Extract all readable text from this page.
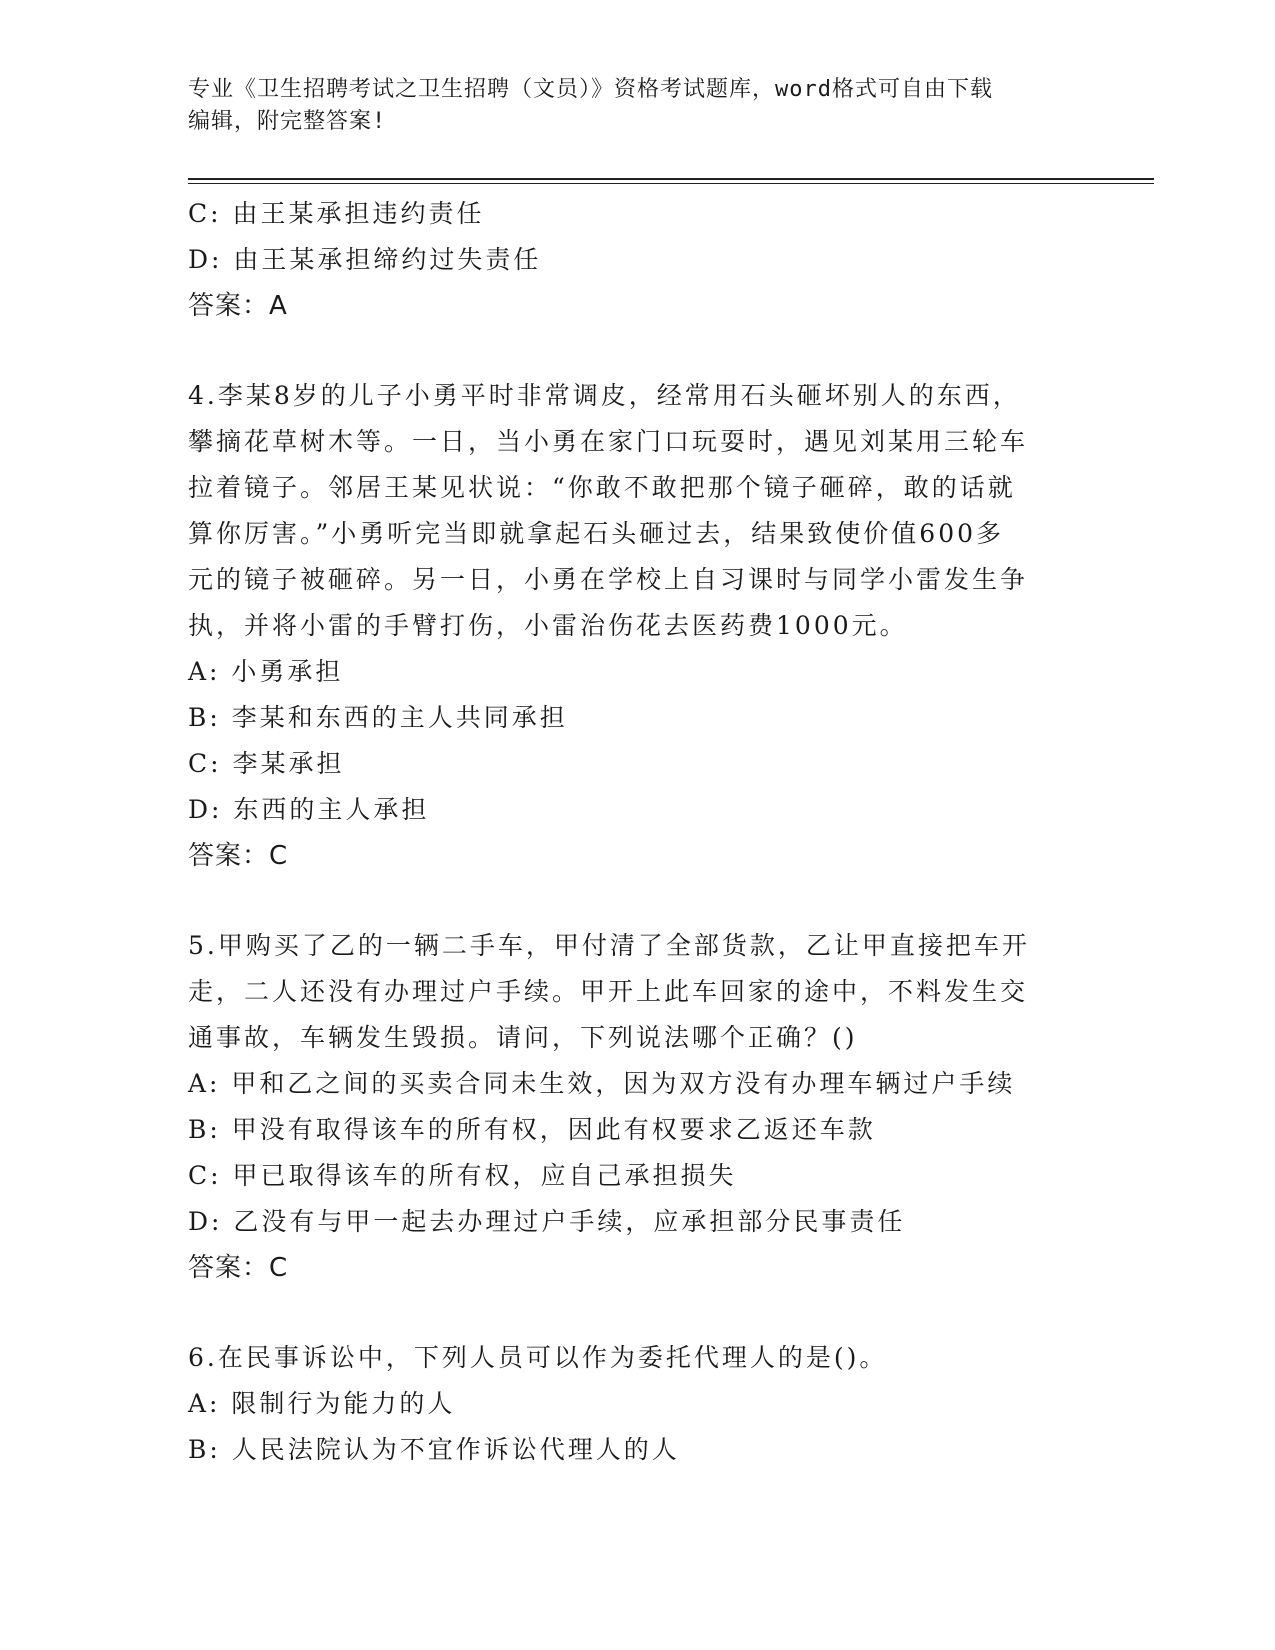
专业《卫生招聘考试之卫生招聘（文员）》资格考试题库，word格式可自由下载
编辑，附完整答案!
C: 由王某承担违约责任
D: 由王某承担缔约过失责任
答案：A
4.李某8岁的儿子小勇平时非常调皮，经常用石头砸坏别人的东西，
攀摘花草树木等。一日，当小勇在家门口玩耍时，遇见刘某用三轮车
拉着镜子。邻居王某见状说：“你敢不敢把那个镜子砸碎，敢的话就
算你厉害。”小勇听完当即就拿起石头砸过去，结果致使价值600多
元的镜子被砸碎。另一日，小勇在学校上自习课时与同学小雷发生争
执，并将小雷的手臂打伤，小雷治伤花去医药费1000元。
A: 小勇承担
B: 李某和东西的主人共同承担
C: 李某承担
D: 东西的主人承担
答案：C
5.甲购买了乙的一辆二手车，甲付清了全部货款，乙让甲直接把车开
走，二人还没有办理过户手续。甲开上此车回家的途中，不料发生交
通事故，车辆发生毁损。请问，下列说法哪个正确？()
A: 甲和乙之间的买卖合同未生效，因为双方没有办理车辆过户手续
B: 甲没有取得该车的所有权，因此有权要求乙返还车款
C: 甲已取得该车的所有权，应自己承担损失
D: 乙没有与甲一起去办理过户手续，应承担部分民事责任
答案：C
6.在民事诉讼中，下列人员可以作为委托代理人的是()。
A: 限制行为能力的人
B: 人民法院认为不宜作诉讼代理人的人
